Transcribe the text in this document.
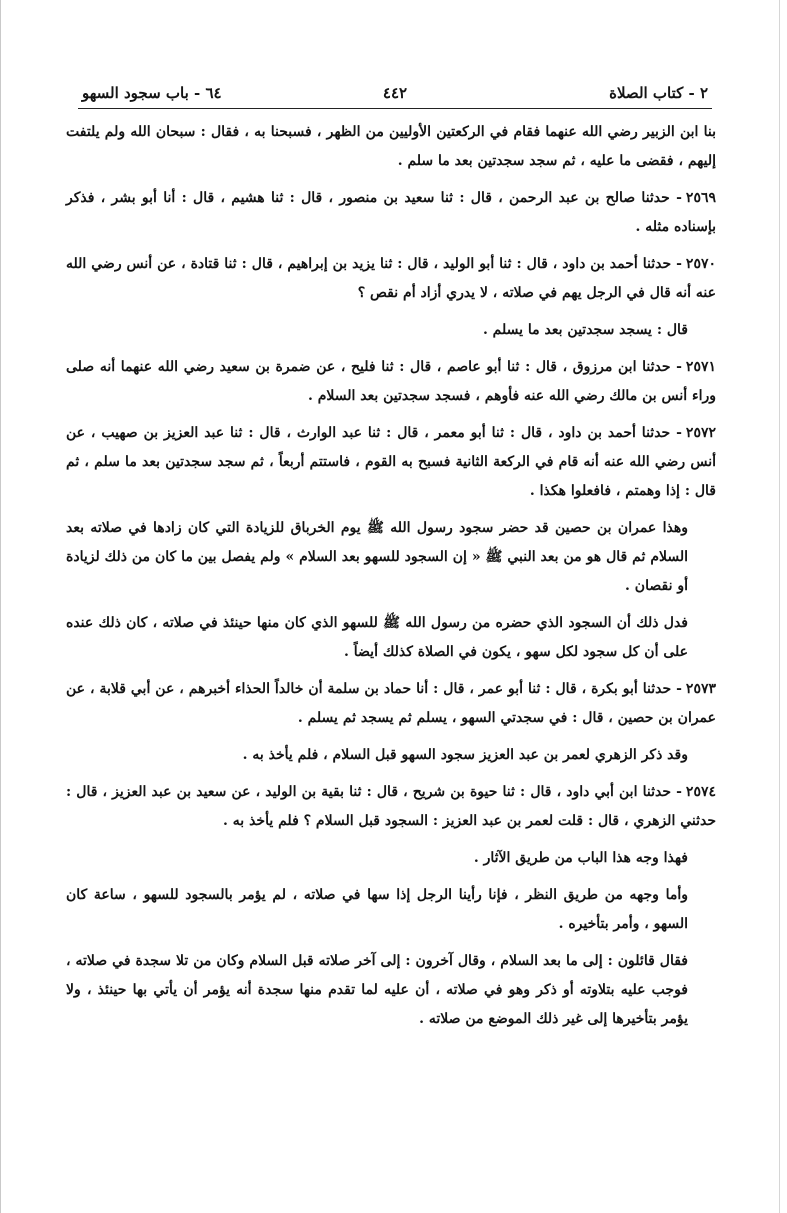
٢ - كتاب الصلاة
٤٤٢
٦٤ - باب سجود السهو
بنا ابن الزبير رضي الله عنهما فقام في الركعتين الأوليين من الظهر ، فسبحنا به ، فقال : سبحان الله ولم يلتفت إليهم ، فقضى ما عليه ، ثم سجد سجدتين بعد ما سلم .
٢٥٦٩- حدثنا صالح بن عبد الرحمن ، قال : ثنا سعيد بن منصور ، قال : ثنا هشيم ، قال : أنا أبو بشر ، فذكر بإسناده مثله .
٢٥٧٠- حدثنا أحمد بن داود ، قال : ثنا أبو الوليد ، قال : ثنا يزيد بن إبراهيم ، قال : ثنا قتادة ، عن أنس رضي الله عنه أنه قال في الرجل يهم في صلاته ، لا يدري أزاد أم نقص ؟
قال : يسجد سجدتين بعد ما يسلم .
٢٥٧١- حدثنا ابن مرزوق ، قال : ثنا أبو عاصم ، قال : ثنا فليح ، عن ضمرة بن سعيد رضي الله عنهما أنه صلى وراء أنس بن مالك رضي الله عنه فأوهم ، فسجد سجدتين بعد السلام .
٢٥٧٢- حدثنا أحمد بن داود ، قال : ثنا أبو معمر ، قال : ثنا عبد الوارث ، قال : ثنا عبد العزيز بن صهيب ، عن أنس رضي الله عنه أنه قام في الركعة الثانية فسبح به القوم ، فاستتم أربعاً ، ثم سجد سجدتين بعد ما سلم ، ثم قال : إذا وهمتم ، فافعلوا هكذا .
وهذا عمران بن حصين قد حضر سجود رسول الله ﷺ يوم الخرباق للزيادة التي كان زادها في صلاته بعد السلام ثم قال هو من بعد النبي ﷺ « إن السجود للسهو بعد السلام » ولم يفصل بين ما كان من ذلك لزيادة أو نقصان .
فدل ذلك أن السجود الذي حضره من رسول الله ﷺ للسهو الذي كان منها حينئذ في صلاته ، كان ذلك عنده على أن كل سجود لكل سهو ، يكون في الصلاة كذلك أيضاً .
٢٥٧٣- حدثنا أبو بكرة ، قال : ثنا أبو عمر ، قال : أنا حماد بن سلمة أن خالداً الحذاء أخبرهم ، عن أبي قلابة ، عن عمران بن حصين ، قال : في سجدتي السهو ، يسلم ثم يسجد ثم يسلم .
وقد ذكر الزهري لعمر بن عبد العزيز سجود السهو قبل السلام ، فلم يأخذ به .
٢٥٧٤- حدثنا ابن أبي داود ، قال : ثنا حيوة بن شريح ، قال : ثنا بقية بن الوليد ، عن سعيد بن عبد العزيز ، قال : حدثني الزهري ، قال : قلت لعمر بن عبد العزيز : السجود قبل السلام ؟ فلم يأخذ به .
فهذا وجه هذا الباب من طريق الآثار .
وأما وجهه من طريق النظر ، فإنا رأينا الرجل إذا سها في صلاته ، لم يؤمر بالسجود للسهو ، ساعة كان السهو ، وأمر بتأخيره .
فقال قائلون : إلى ما بعد السلام ، وقال آخرون : إلى آخر صلاته قبل السلام وكان من تلا سجدة في صلاته ، فوجب عليه بتلاوته أو ذكر وهو في صلاته ، أن عليه لما تقدم منها سجدة أنه يؤمر أن يأتي بها حينئذ ، ولا يؤمر بتأخيرها إلى غير ذلك الموضع من صلاته .
